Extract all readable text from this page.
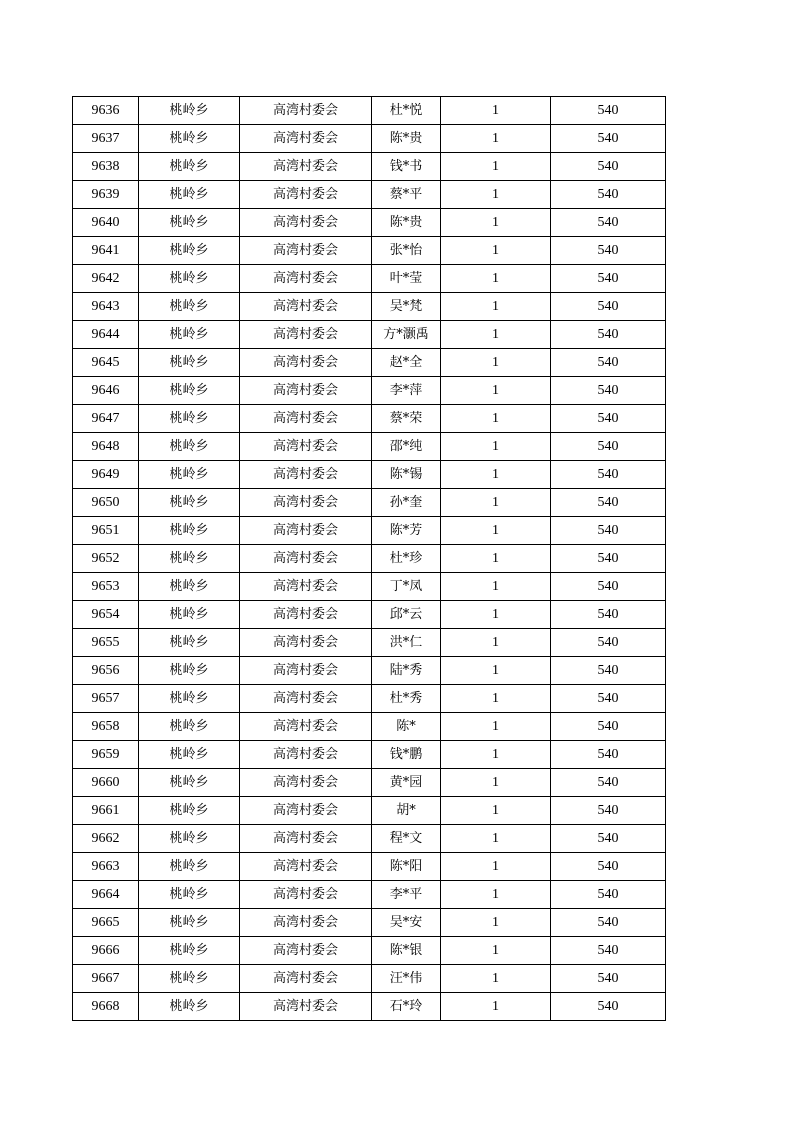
9636	桃岭乡	高湾村委会	杜*悦	1	540
9637	桃岭乡	高湾村委会	陈*贵	1	540
9638	桃岭乡	高湾村委会	钱*书	1	540
9639	桃岭乡	高湾村委会	蔡*平	1	540
9640	桃岭乡	高湾村委会	陈*贵	1	540
9641	桃岭乡	高湾村委会	张*怡	1	540
9642	桃岭乡	高湾村委会	叶*莹	1	540
9643	桃岭乡	高湾村委会	吴*梵	1	540
9644	桃岭乡	高湾村委会	方*灏禹	1	540
9645	桃岭乡	高湾村委会	赵*全	1	540
9646	桃岭乡	高湾村委会	李*萍	1	540
9647	桃岭乡	高湾村委会	蔡*荣	1	540
9648	桃岭乡	高湾村委会	邵*纯	1	540
9649	桃岭乡	高湾村委会	陈*锡	1	540
9650	桃岭乡	高湾村委会	孙*奎	1	540
9651	桃岭乡	高湾村委会	陈*芳	1	540
9652	桃岭乡	高湾村委会	杜*珍	1	540
9653	桃岭乡	高湾村委会	丁*凤	1	540
9654	桃岭乡	高湾村委会	邱*云	1	540
9655	桃岭乡	高湾村委会	洪*仁	1	540
9656	桃岭乡	高湾村委会	陆*秀	1	540
9657	桃岭乡	高湾村委会	杜*秀	1	540
9658	桃岭乡	高湾村委会	陈*	1	540
9659	桃岭乡	高湾村委会	钱*鹏	1	540
9660	桃岭乡	高湾村委会	黄*园	1	540
9661	桃岭乡	高湾村委会	胡*	1	540
9662	桃岭乡	高湾村委会	程*文	1	540
9663	桃岭乡	高湾村委会	陈*阳	1	540
9664	桃岭乡	高湾村委会	李*平	1	540
9665	桃岭乡	高湾村委会	吴*安	1	540
9666	桃岭乡	高湾村委会	陈*银	1	540
9667	桃岭乡	高湾村委会	汪*伟	1	540
9668	桃岭乡	高湾村委会	石*玲	1	540
